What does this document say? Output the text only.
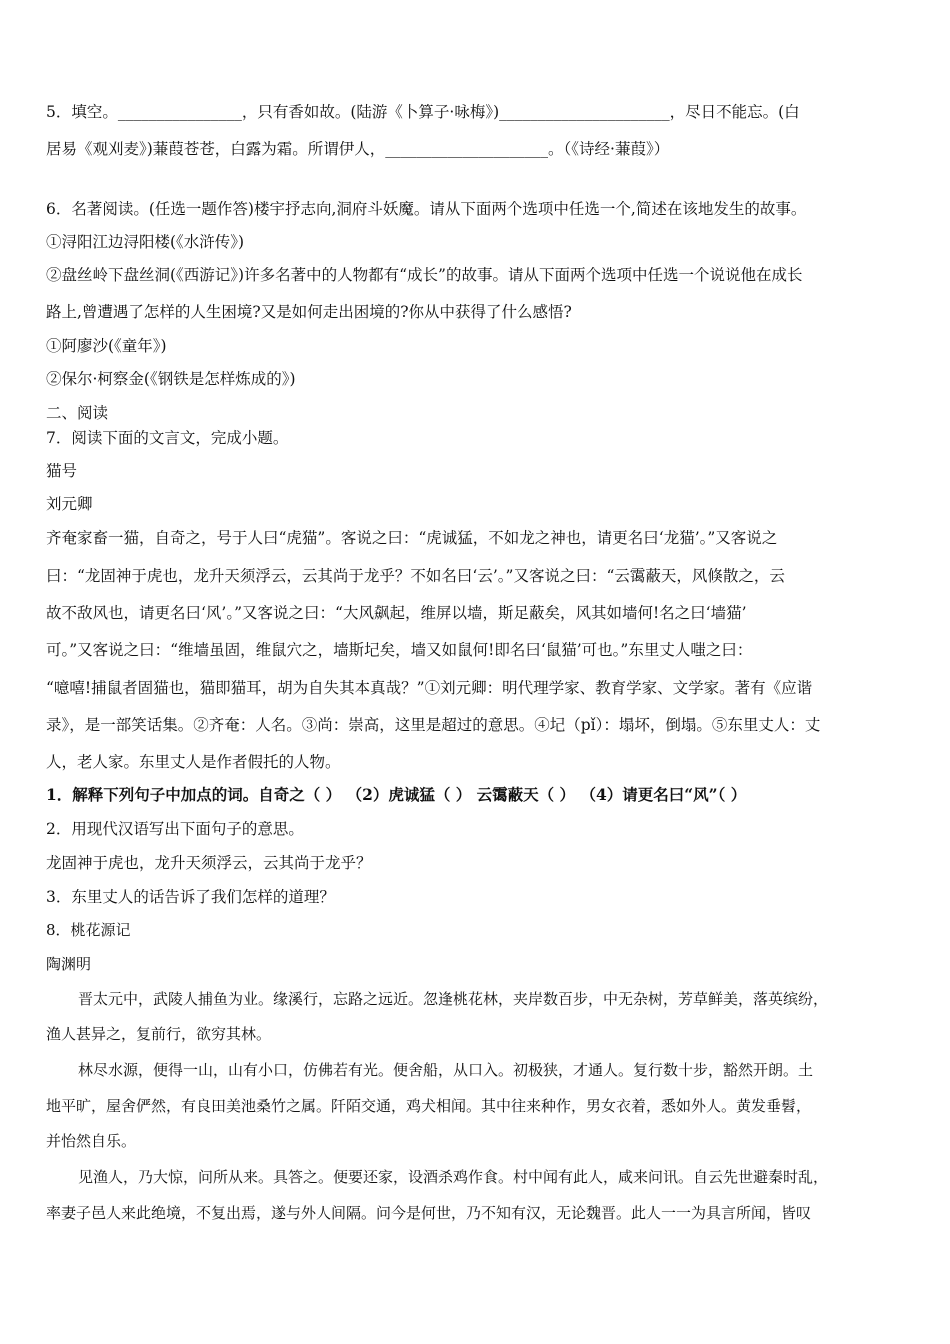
5．填空。________________，只有香如故。(陆游《卜算子·咏梅》)______________________，尽日不能忘。(白
居易《观刈麦》)蒹葭苍苍，白露为霜。所谓伊人，_____________________。（《诗经·蒹葭》）
6．名著阅读。(任选一题作答)楼宇抒志向,洞府斗妖魔。请从下面两个选项中任选一个,简述在该地发生的故事。
①浔阳江边浔阳楼(《水浒传》)
②盘丝岭下盘丝洞(《西游记》)许多名著中的人物都有“成长”的故事。请从下面两个选项中任选一个说说他在成长
路上,曾遭遇了怎样的人生困境?又是如何走出困境的?你从中获得了什么感悟?
①阿廖沙(《童年》)
②保尔·柯察金(《钢铁是怎样炼成的》)
二、阅读
7．阅读下面的文言文，完成小题。
猫号
刘元卿
齐奄家畜一猫，自奇之，号于人曰“虎猫”。客说之曰：“虎诚猛，不如龙之神也，请更名曰‘龙猫’。”又客说之
曰：“龙固神于虎也，龙升天须浮云，云其尚于龙乎？不如名曰‘云’。”又客说之曰：“云霭蔽天，风倏散之，云
故不敌风也，请更名曰‘风’。”又客说之曰：“大风飙起，维屏以墙，斯足蔽矣，风其如墙何!名之曰‘墙猫’
可。”又客说之曰：“维墙虽固，维鼠穴之，墙斯圮矣，墙又如鼠何!即名曰‘鼠猫’可也。”东里丈人嗤之曰：
“噫嘻!捕鼠者固猫也，猫即猫耳，胡为自失其本真哉？”①刘元卿：明代理学家、教育学家、文学家。著有《应谐
录》，是一部笑话集。②齐奄：人名。③尚：崇高，这里是超过的意思。④圮（pǐ）：塌坏，倒塌。⑤东里丈人：丈
人，老人家。东里丈人是作者假托的人物。
1．解释下列句子中加点的词。自奇之（ ） （2）虎诚猛（ ） 云霭蔽天（ ） （4）请更名曰“风”（ ）
2．用现代汉语写出下面句子的意思。
龙固神于虎也，龙升天须浮云，云其尚于龙乎？
3．东里丈人的话告诉了我们怎样的道理？
8．桃花源记
陶渊明
晋太元中，武陵人捕鱼为业。缘溪行，忘路之远近。忽逢桃花林，夹岸数百步，中无杂树，芳草鲜美，落英缤纷，
渔人甚异之，复前行，欲穷其林。
林尽水源，便得一山，山有小口，仿佛若有光。便舍船，从口入。初极狭，才通人。复行数十步，豁然开朗。土
地平旷，屋舍俨然，有良田美池桑竹之属。阡陌交通，鸡犬相闻。其中往来种作，男女衣着，悉如外人。黄发垂髫，
并怡然自乐。
见渔人，乃大惊，问所从来。具答之。便要还家，设酒杀鸡作食。村中闻有此人，咸来问讯。自云先世避秦时乱，
率妻子邑人来此绝境，不复出焉，遂与外人间隔。问今是何世，乃不知有汉，无论魏晋。此人一一为具言所闻，皆叹
